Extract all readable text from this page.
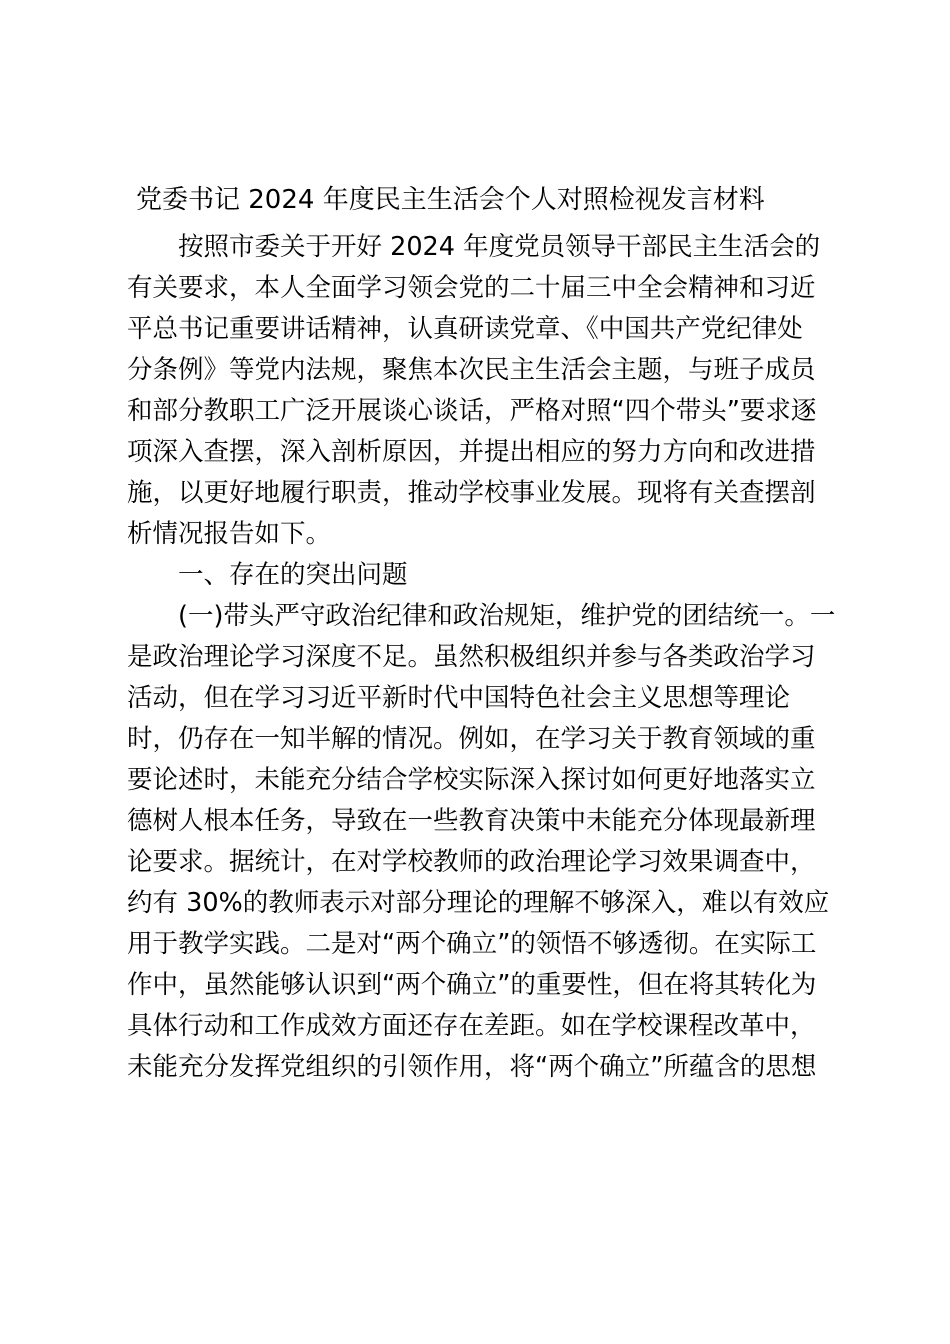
党委书记 2024 年度民主生活会个人对照检视发言材料

按照市委关于开好 2024 年度党员领导干部民主生活会的

有关要求，本人全面学习领会党的二十届三中全会精神和习近

平总书记重要讲话精神，认真研读党章、《中国共产党纪律处

分条例》等党内法规，聚焦本次民主生活会主题，与班子成员

和部分教职工广泛开展谈心谈话，严格对照“四个带头”要求逐

项深入查摆，深入剖析原因，并提出相应的努力方向和改进措

施，以更好地履行职责，推动学校事业发展。现将有关查摆剖

析情况报告如下。

一、存在的突出问题

(一)带头严守政治纪律和政治规矩，维护党的团结统一。一

是政治理论学习深度不足。虽然积极组织并参与各类政治学习

活动，但在学习习近平新时代中国特色社会主义思想等理论

时，仍存在一知半解的情况。例如，在学习关于教育领域的重

要论述时，未能充分结合学校实际深入探讨如何更好地落实立

德树人根本任务，导致在一些教育决策中未能充分体现最新理

论要求。据统计，在对学校教师的政治理论学习效果调查中，

约有 30%的教师表示对部分理论的理解不够深入，难以有效应

用于教学实践。二是对“两个确立”的领悟不够透彻。在实际工

作中，虽然能够认识到“两个确立”的重要性，但在将其转化为

具体行动和工作成效方面还存在差距。如在学校课程改革中，

未能充分发挥党组织的引领作用，将“两个确立”所蕴含的思想
